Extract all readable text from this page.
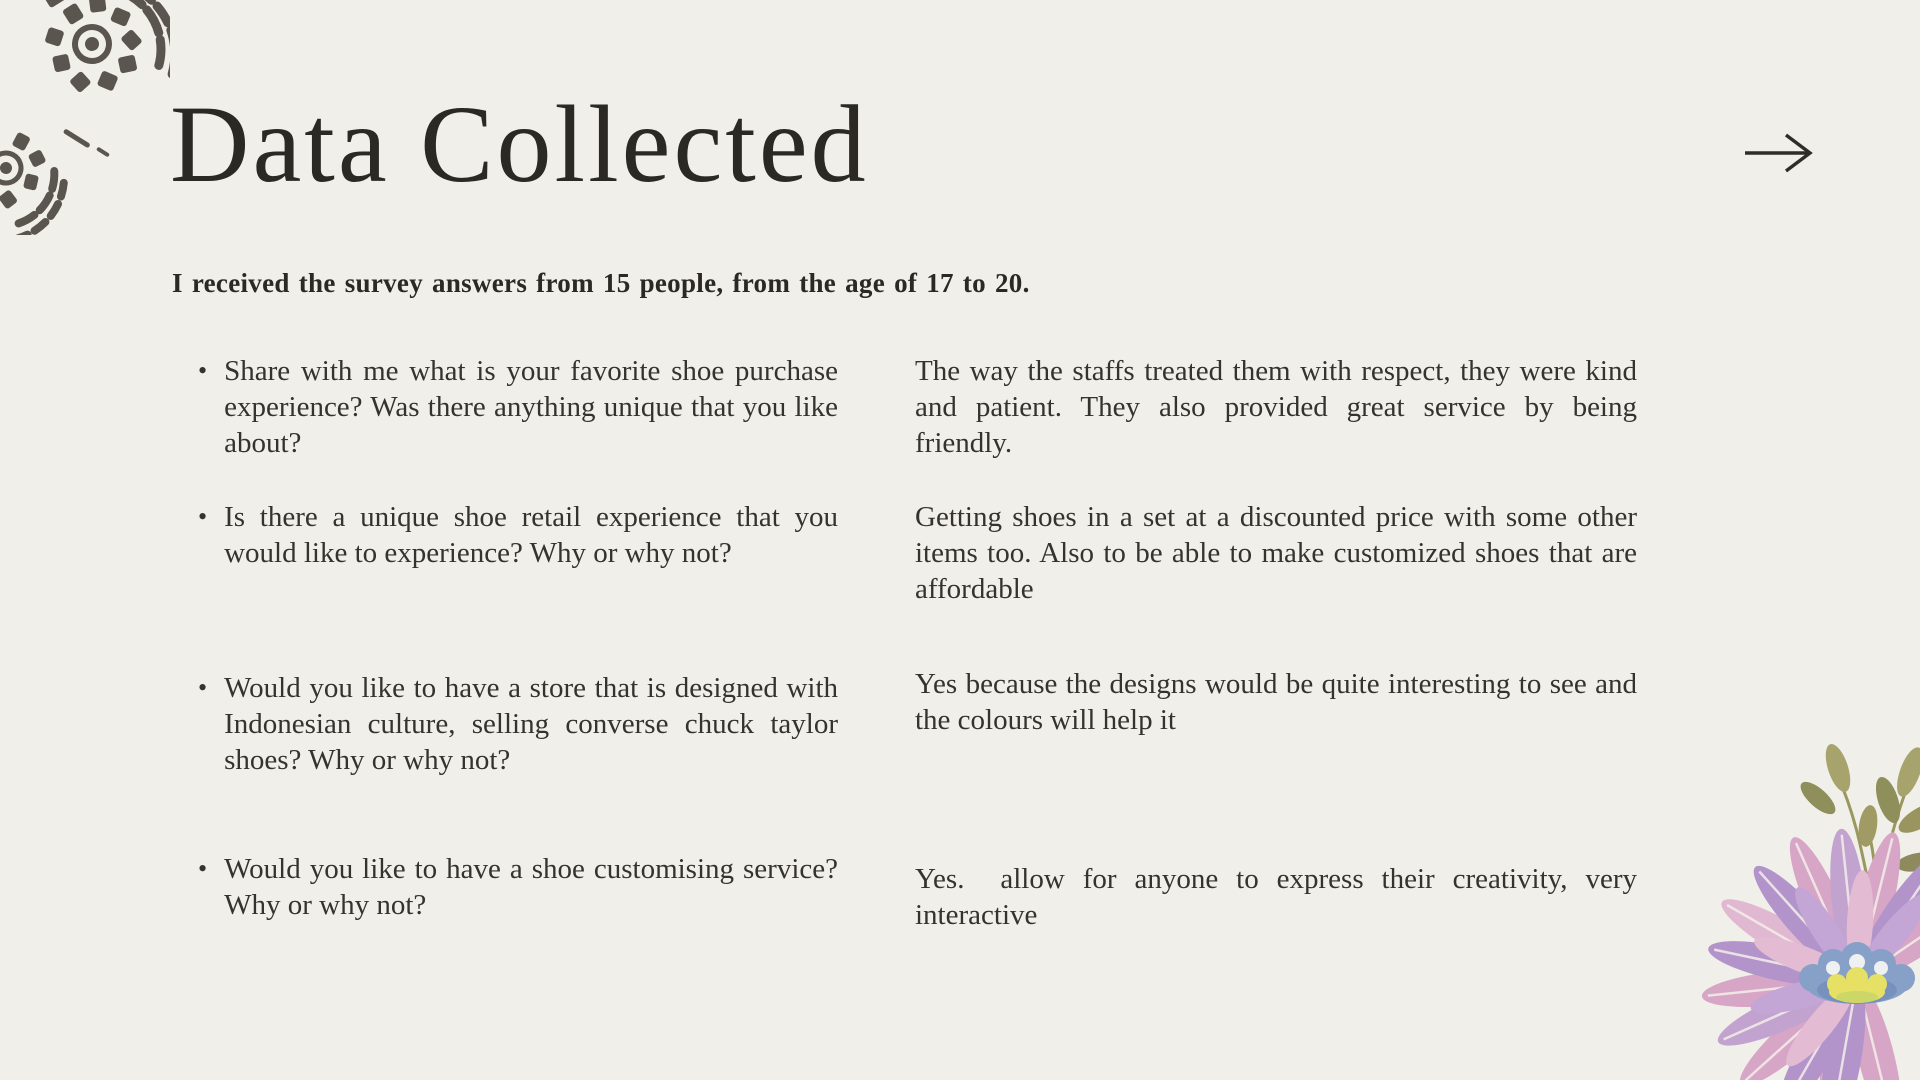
Data Collected
I received the survey answers from 15 people, from the age of 17 to 20.
• Share with me what is your favorite shoe purchase experience? Was there anything unique that you like about?

• Is there a unique shoe retail experience that you would like to experience? Why or why not?

• Would you like to have a store that is designed with Indonesian culture, selling converse chuck taylor shoes? Why or why not?

• Would you like to have a shoe customising service? Why or why not?

The way the staffs treated them with respect, they were kind and patient. They also provided great service by being friendly.

Getting shoes in a set at a discounted price with some other items too. Also to be able to make customized shoes that are affordable

Yes because the designs would be quite interesting to see and the colours will help it

Yes.  allow for anyone to express their creativity, very interactive
